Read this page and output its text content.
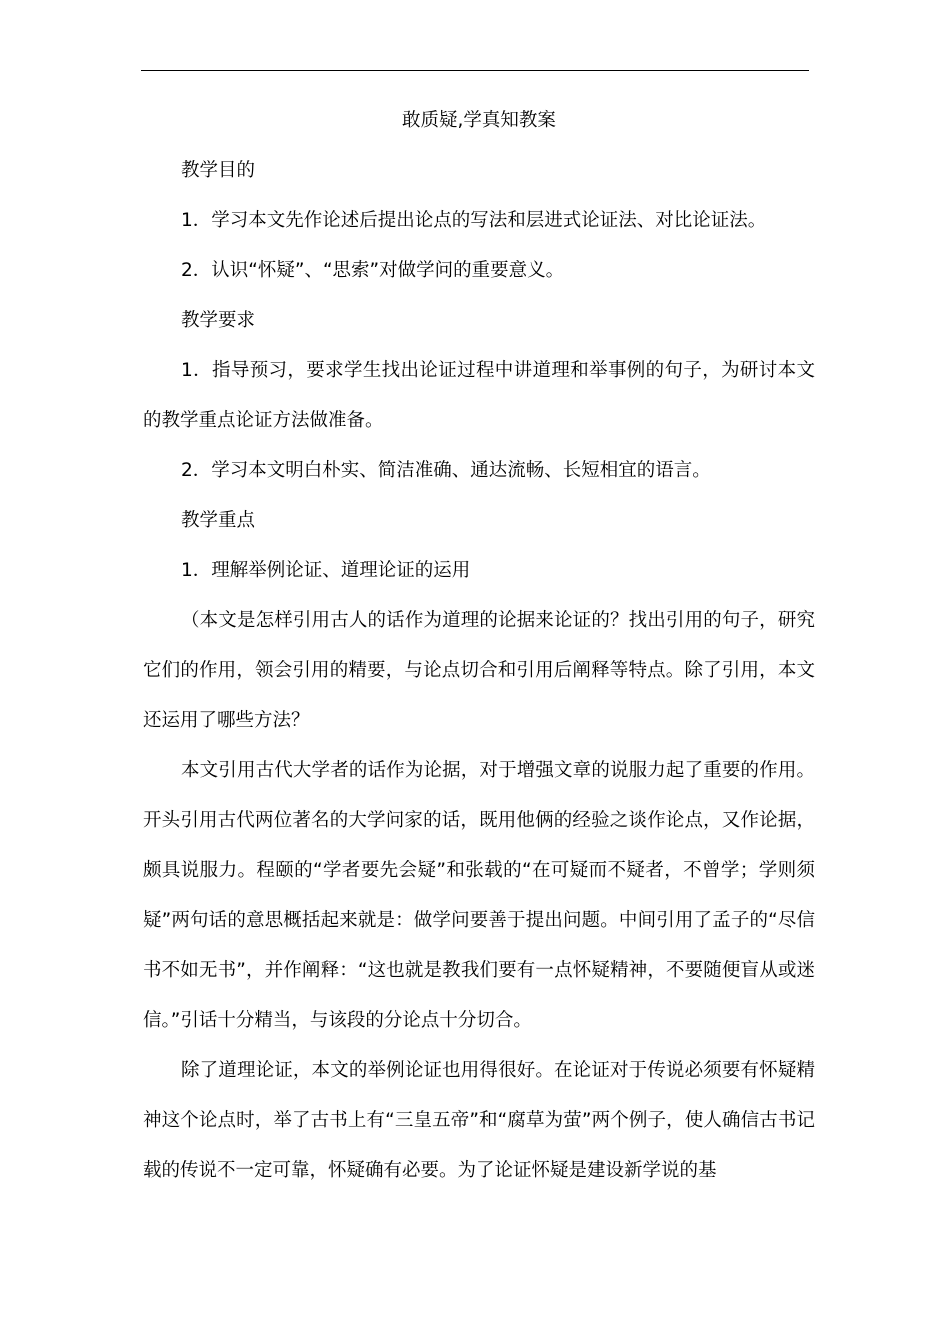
敢质疑,学真知教案

教学目的

1．学习本文先作论述后提出论点的写法和层进式论证法、对比论证法。

2．认识“怀疑”、“思索”对做学问的重要意义。

教学要求

1．指导预习，要求学生找出论证过程中讲道理和举事例的句子，为研讨本文的教学重点论证方法做准备。

2．学习本文明白朴实、简洁准确、通达流畅、长短相宜的语言。

教学重点

1．理解举例论证、道理论证的运用

（本文是怎样引用古人的话作为道理的论据来论证的？找出引用的句子，研究它们的作用，领会引用的精要，与论点切合和引用后阐释等特点。除了引用，本文还运用了哪些方法？

本文引用古代大学者的话作为论据，对于增强文章的说服力起了重要的作用。开头引用古代两位著名的大学问家的话，既用他俩的经验之谈作论点，又作论据，颇具说服力。程颐的“学者要先会疑”和张载的“在可疑而不疑者，不曾学；学则须疑”两句话的意思概括起来就是：做学问要善于提出问题。中间引用了孟子的“尽信书不如无书”，并作阐释：“这也就是教我们要有一点怀疑精神，不要随便盲从或迷信。”引话十分精当，与该段的分论点十分切合。

除了道理论证，本文的举例论证也用得很好。在论证对于传说必须要有怀疑精神这个论点时，举了古书上有“三皇五帝”和“腐草为萤”两个例子，使人确信古书记载的传说不一定可靠，怀疑确有必要。为了论证怀疑是建设新学说的基
